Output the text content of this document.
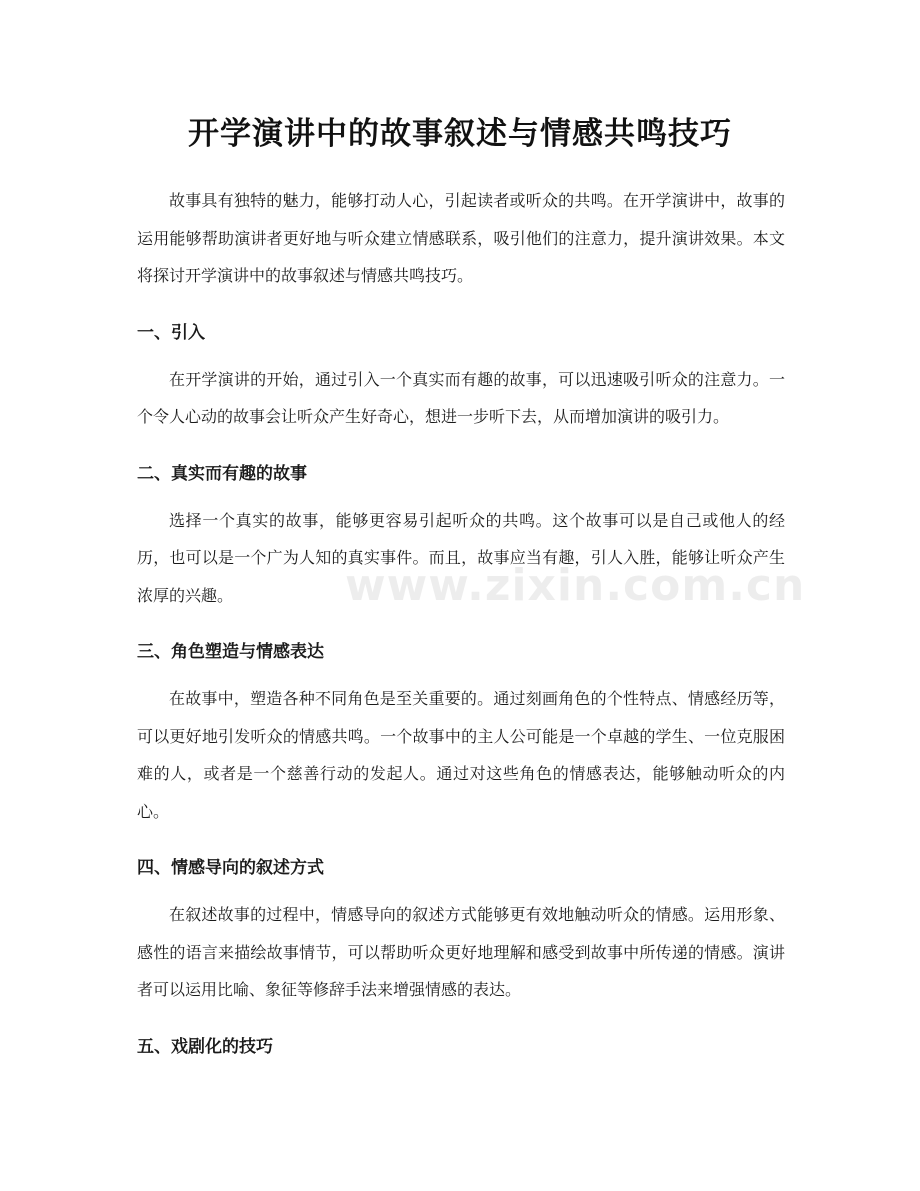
开学演讲中的故事叙述与情感共鸣技巧
www.zixin.com.cn

故事具有独特的魅力，能够打动人心，引起读者或听众的共鸣。在开学演讲中，故事的运用能够帮助演讲者更好地与听众建立情感联系，吸引他们的注意力，提升演讲效果。本文将探讨开学演讲中的故事叙述与情感共鸣技巧。

一、引入

在开学演讲的开始，通过引入一个真实而有趣的故事，可以迅速吸引听众的注意力。一个令人心动的故事会让听众产生好奇心，想进一步听下去，从而增加演讲的吸引力。

二、真实而有趣的故事

选择一个真实的故事，能够更容易引起听众的共鸣。这个故事可以是自己或他人的经历，也可以是一个广为人知的真实事件。而且，故事应当有趣，引人入胜，能够让听众产生浓厚的兴趣。

三、角色塑造与情感表达

在故事中，塑造各种不同角色是至关重要的。通过刻画角色的个性特点、情感经历等，可以更好地引发听众的情感共鸣。一个故事中的主人公可能是一个卓越的学生、一位克服困难的人，或者是一个慈善行动的发起人。通过对这些角色的情感表达，能够触动听众的内心。

四、情感导向的叙述方式

在叙述故事的过程中，情感导向的叙述方式能够更有效地触动听众的情感。运用形象、感性的语言来描绘故事情节，可以帮助听众更好地理解和感受到故事中所传递的情感。演讲者可以运用比喻、象征等修辞手法来增强情感的表达。

五、戏剧化的技巧
